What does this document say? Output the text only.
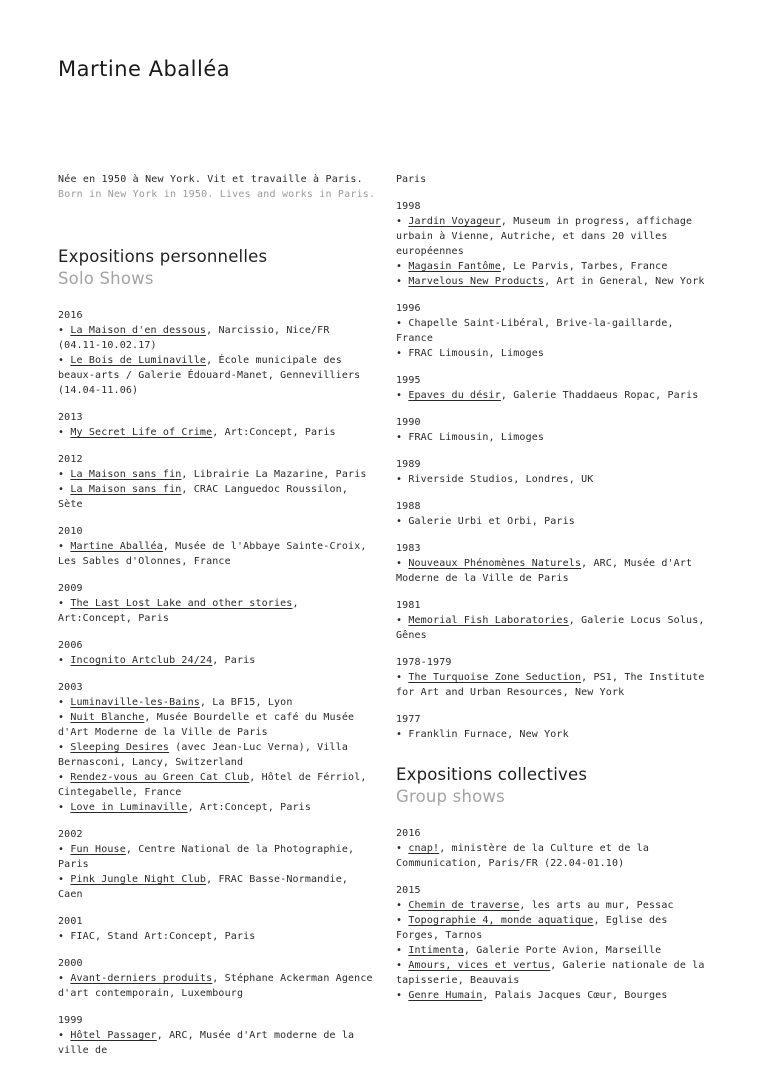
Martine Aballéa

Née en 1950 à New York. Vit et travaille à Paris.

Born in New York in 1950. Lives and works in Paris.

Expositions personnelles
Solo Shows

2016

• La Maison d'en dessous, Narcissio, Nice/FR (04.11-10.02.17)

• Le Bois de Luminaville, École municipale des beaux-arts / Galerie Édouard-Manet, Gennevilliers (14.04-11.06)

2013

• My Secret Life of Crime, Art:Concept, Paris

2012

• La Maison sans fin, Librairie La Mazarine, Paris

• La Maison sans fin, CRAC Languedoc Roussilon, Sète

2010

• Martine Aballéa, Musée de l'Abbaye Sainte-Croix, Les Sables d'Olonnes, France

2009

• The Last Lost Lake and other stories, Art:Concept, Paris

2006

• Incognito Artclub 24/24, Paris

2003

• Luminaville-les-Bains, La BF15, Lyon

• Nuit Blanche, Musée Bourdelle et café du Musée d'Art Moderne de la Ville de Paris

• Sleeping Desires (avec Jean-Luc Verna), Villa Bernasconi, Lancy, Switzerland

• Rendez-vous au Green Cat Club, Hôtel de Férriol, Cintegabelle, France

• Love in Luminaville, Art:Concept, Paris

2002

• Fun House, Centre National de la Photographie, Paris

• Pink Jungle Night Club, FRAC Basse-Normandie, Caen

2001

• FIAC, Stand Art:Concept, Paris

2000

• Avant-derniers produits, Stéphane Ackerman Agence d'art contemporain, Luxembourg

1999

• Hôtel Passager, ARC, Musée d'Art moderne de la ville de

Paris

1998

• Jardin Voyageur, Museum in progress, affichage urbain à Vienne, Autriche, et dans 20 villes européennes

• Magasin Fantôme, Le Parvis, Tarbes, France

• Marvelous New Products, Art in General, New York

1996

• Chapelle Saint-Libéral, Brive-la-gaillarde, France

• FRAC Limousin, Limoges

1995

• Epaves du désir, Galerie Thaddaeus Ropac, Paris

1990

• FRAC Limousin, Limoges

1989

• Riverside Studios, Londres, UK

1988

• Galerie Urbi et Orbi, Paris

1983

• Nouveaux Phénomènes Naturels, ARC, Musée d'Art Moderne de la Ville de Paris

1981

• Memorial Fish Laboratories, Galerie Locus Solus, Gênes

1978-1979

• The Turquoise Zone Seduction, PS1, The Institute for Art and Urban Resources, New York

1977

• Franklin Furnace, New York

Expositions collectives
Group shows

2016

• cnap!, ministère de la Culture et de la Communication, Paris/FR (22.04-01.10)

2015

• Chemin de traverse, les arts au mur, Pessac

• Topographie 4, monde aquatique, Eglise des Forges, Tarnos

• Intimenta, Galerie Porte Avion, Marseille

• Amours, vices et vertus, Galerie nationale de la tapisserie, Beauvais

• Genre Humain, Palais Jacques Cœur, Bourges
